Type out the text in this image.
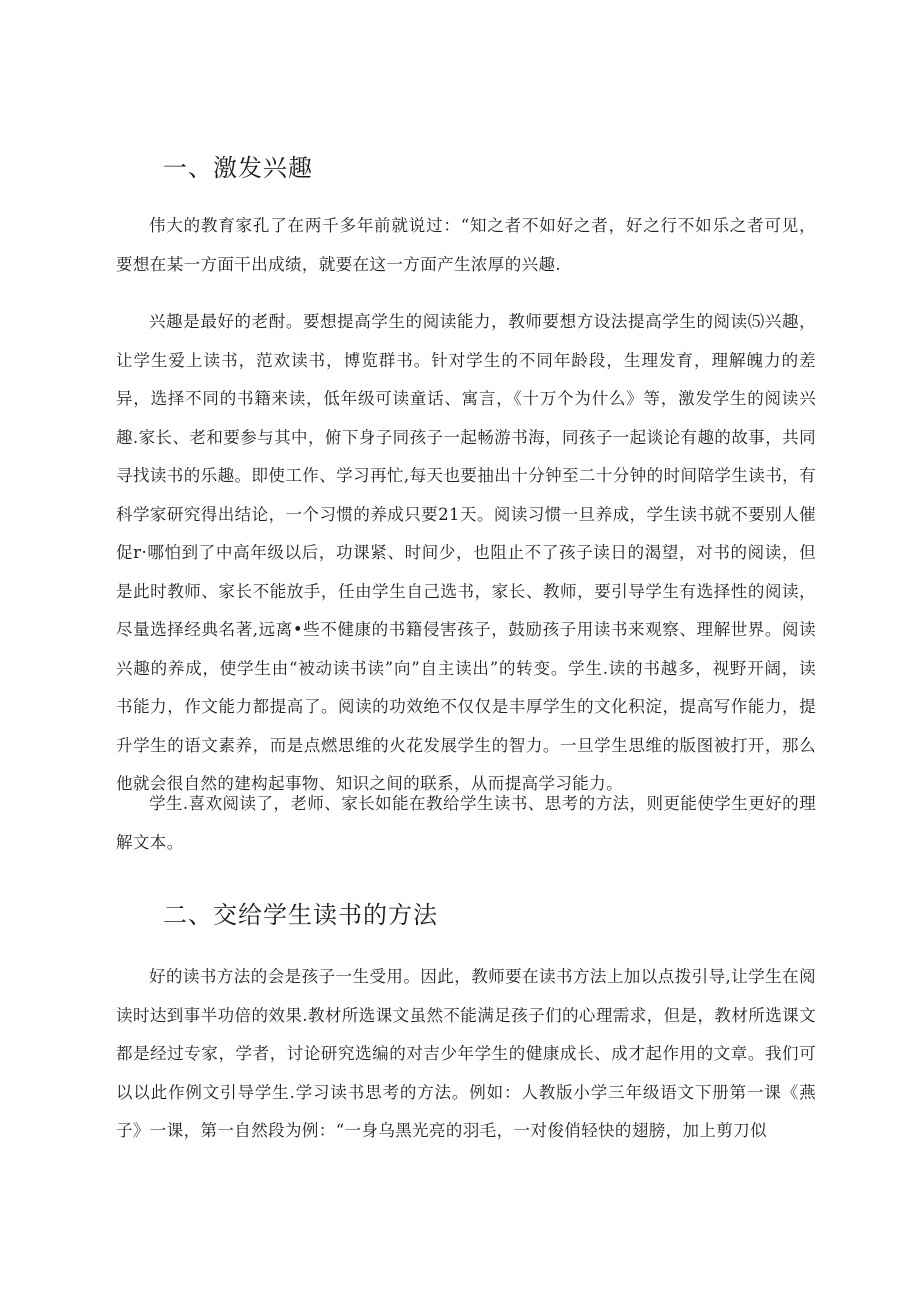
一、激发兴趣

伟大的教育家孔了在两千多年前就说过：“知之者不如好之者，好之行不如乐之者可见，要想在某一方面干出成绩，就要在这一方面产生浓厚的兴趣.

兴趣是最好的老酎。要想提高学生的阅读能力，教师要想方设法提高学生的阅读⑸兴趣，让学生爱上读书，范欢读书，博览群书。针对学生的不同年龄段，生理发育，理解魄力的差异，选择不同的书籍来读，低年级可读童话、寓言，《十万个为什么》等，激发学生的阅读兴趣.家长、老和要参与其中，俯下身子同孩子一起畅游书海，同孩子一起谈论有趣的故事，共同寻找读书的乐趣。即使工作、学习再忙,每天也要抽出十分钟至二十分钟的时间陪学生读书，有科学家研究得出结论，一个习惯的养成只要21天。阅读习惯一旦养成，学生读书就不要别人催促r·哪怕到了中高年级以后，功课紧、时间少，也阻止不了孩子读日的渴望，对书的阅读，但是此时教师、家长不能放手，任由学生自己选书，家长、教师，要引导学生有选择性的阅读，尽量选择经典名著,远离•些不健康的书籍侵害孩子，鼓励孩子用读书来观察、理解世界。阅读兴趣的养成，使学生由“被动读书读”向”自主读出”的转变。学生.读的书越多，视野开阔，读书能力，作文能力都提高了。阅读的功效绝不仅仅是丰厚学生的文化积淀，提高写作能力，提升学生的语文素养，而是点燃思维的火花发展学生的智力。一旦学生思维的版图被打开，那么他就会很自然的建构起事物、知识之间的联系，从而提高学习能力。

学生.喜欢阅读了，老师、家长如能在教给学生读书、思考的方法，则更能使学生更好的理解文本。

二、交给学生读书的方法

好的读书方法的会是孩子一生受用。因此，教师要在读书方法上加以点拨引导,让学生在阅读时达到事半功倍的效果.教材所选课文虽然不能满足孩子们的心理需求，但是，教材所选课文都是经过专家，学者，讨论研究选编的对吉少年学生的健康成长、成才起作用的文章。我们可以以此作例文引导学生.学习读书思考的方法。例如：人教版小学三年级语文下册第一课《燕子》一课，第一自然段为例：“一身乌黑光亮的羽毛，一对俊俏轻快的翅膀，加上剪刀似
